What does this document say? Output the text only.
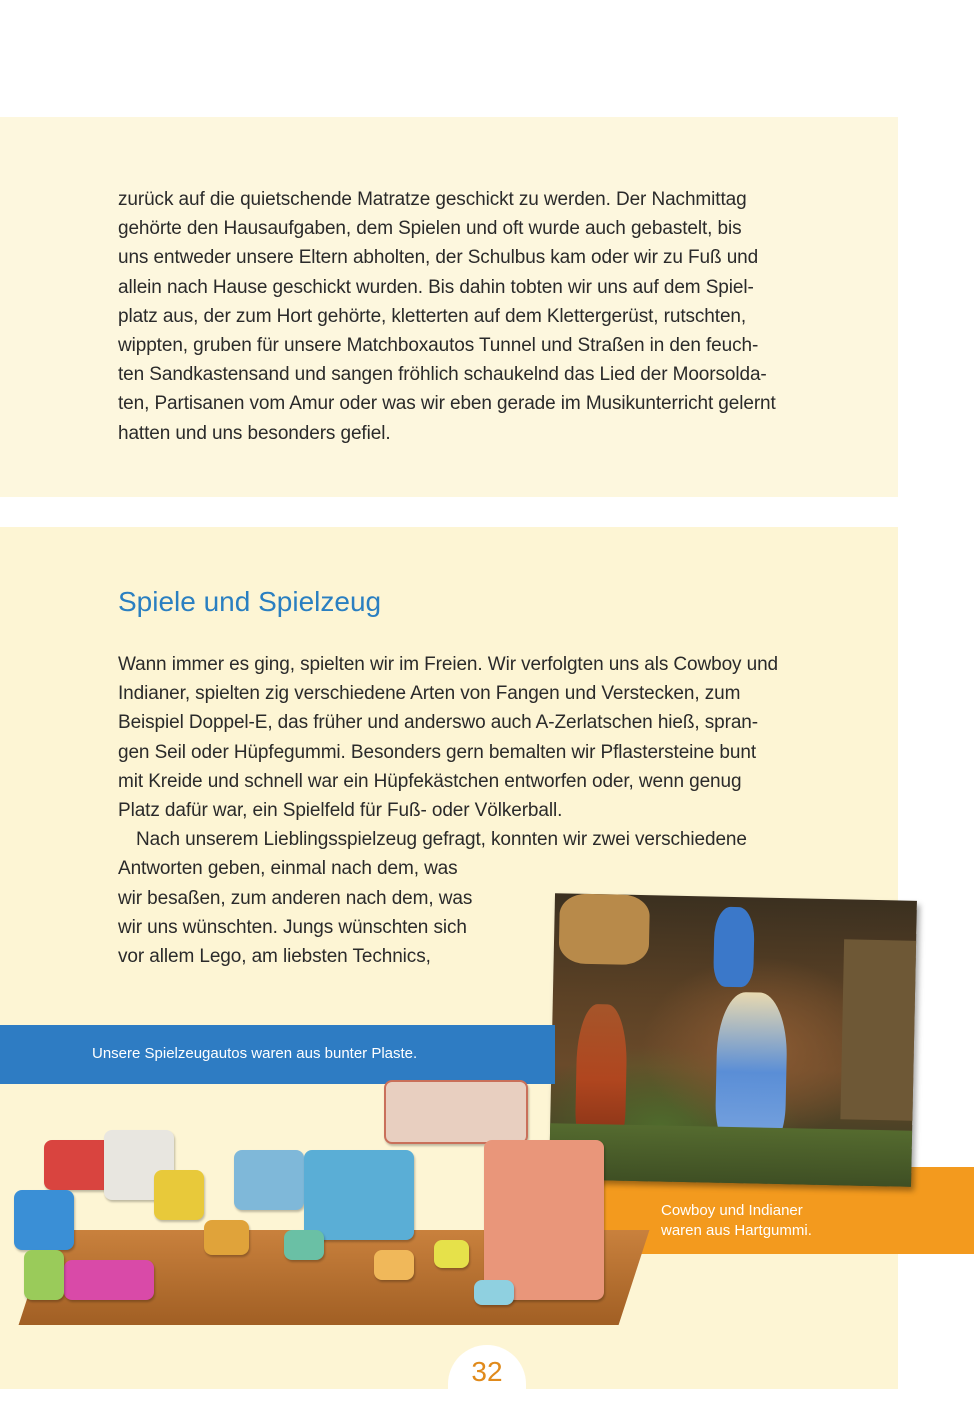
zurück auf die quietschende Matratze geschickt zu werden. Der Nachmittag
gehörte den Hausaufgaben, dem Spielen und oft wurde auch gebastelt, bis
uns entweder unsere Eltern abholten, der Schulbus kam oder wir zu Fuß und
allein nach Hause geschickt wurden. Bis dahin tobten wir uns auf dem Spiel-
platz aus, der zum Hort gehörte, kletterten auf dem Klettergerüst, rutschten,
wippten, gruben für unsere Matchboxautos Tunnel und Straßen in den feuch-
ten Sandkastensand und sangen fröhlich schaukelnd das Lied der Moorsolda-
ten, Partisanen vom Amur oder was wir eben gerade im Musikunterricht gelernt
hatten und uns besonders gefiel.

Spiele und Spielzeug

Wann immer es ging, spielten wir im Freien. Wir verfolgten uns als Cowboy und
Indianer, spielten zig verschiedene Arten von Fangen und Verstecken, zum
Beispiel Doppel-E, das früher und anderswo auch A-Zerlatschen hieß, spran-
gen Seil oder Hüpfegummi. Besonders gern bemalten wir Pflastersteine bunt
mit Kreide und schnell war ein Hüpfekästchen entworfen oder, wenn genug
Platz dafür war, ein Spielfeld für Fuß- oder Völkerball.
Nach unserem Lieblingsspielzeug gefragt, konnten wir zwei verschiedene
Antworten geben, einmal nach dem, was
wir besaßen, zum anderen nach dem, was
wir uns wünschten. Jungs wünschten sich
vor allem Lego, am liebsten Technics,

Cowboy und Indianer
waren aus Hartgummi.

Unsere Spielzeugautos waren aus bunter Plaste.

32
